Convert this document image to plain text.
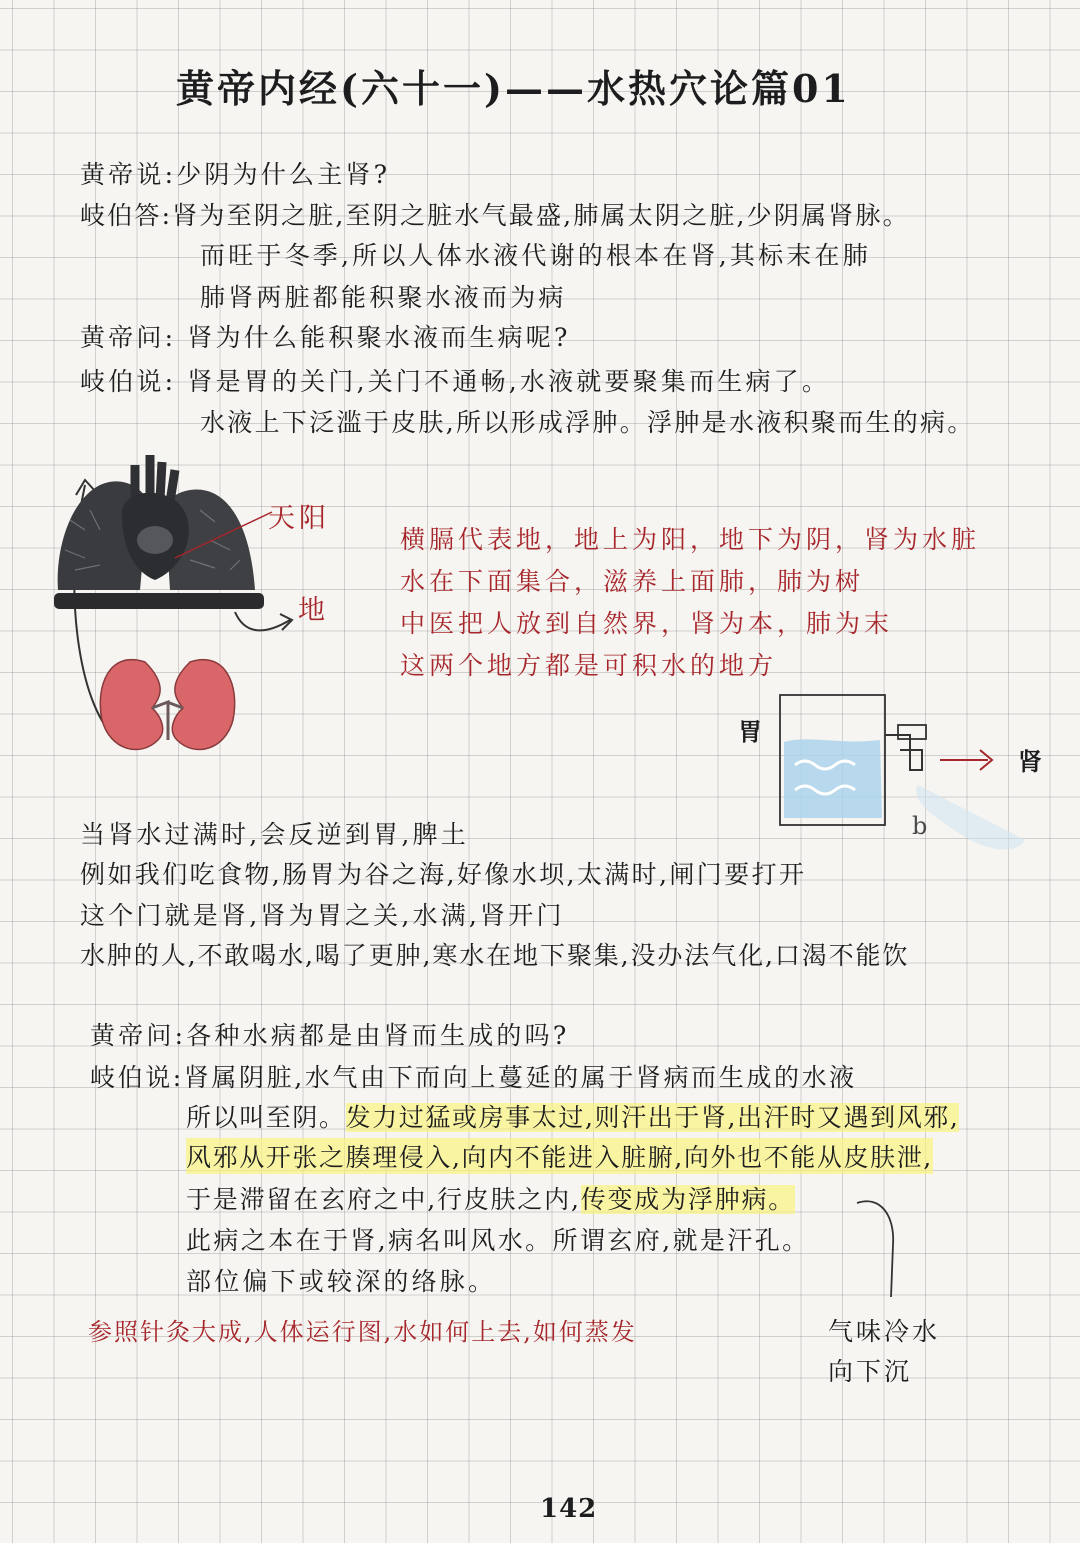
黄帝内经(六十一)——水热穴论篇01
黄帝说:少阴为什么主肾?
岐伯答:肾为至阴之脏,至阴之脏水气最盛,肺属太阴之脏,少阴属肾脉。
而旺于冬季,所以人体水液代谢的根本在肾,其标末在肺
肺肾两脏都能积聚水液而为病
黄帝问: 肾为什么能积聚水液而生病呢?
岐伯说: 肾是胃的关门,关门不通畅,水液就要聚集而生病了。
水液上下泛滥于皮肤,所以形成浮肿。浮肿是水液积聚而生的病。
天阳
地
横膈代表地，地上为阳，地下为阴，肾为水脏
水在下面集合，滋养上面肺，肺为树
中医把人放到自然界，肾为本，肺为末
这两个地方都是可积水的地方
胃
肾
b
当肾水过满时,会反逆到胃,脾土
例如我们吃食物,肠胃为谷之海,好像水坝,太满时,闸门要打开
这个门就是肾,肾为胃之关,水满,肾开门
水肿的人,不敢喝水,喝了更肿,寒水在地下聚集,没办法气化,口渴不能饮
黄帝问:各种水病都是由肾而生成的吗?
岐伯说:肾属阴脏,水气由下而向上蔓延的属于肾病而生成的水液
所以叫至阴。发力过猛或房事太过,则汗出于肾,出汗时又遇到风邪,
风邪从开张之腠理侵入,向内不能进入脏腑,向外也不能从皮肤泄,
于是滞留在玄府之中,行皮肤之内,传变成为浮肿病。
此病之本在于肾,病名叫风水。所谓玄府,就是汗孔。
部位偏下或较深的络脉。
参照针灸大成,人体运行图,水如何上去,如何蒸发	气味冷水
向下沉
142
